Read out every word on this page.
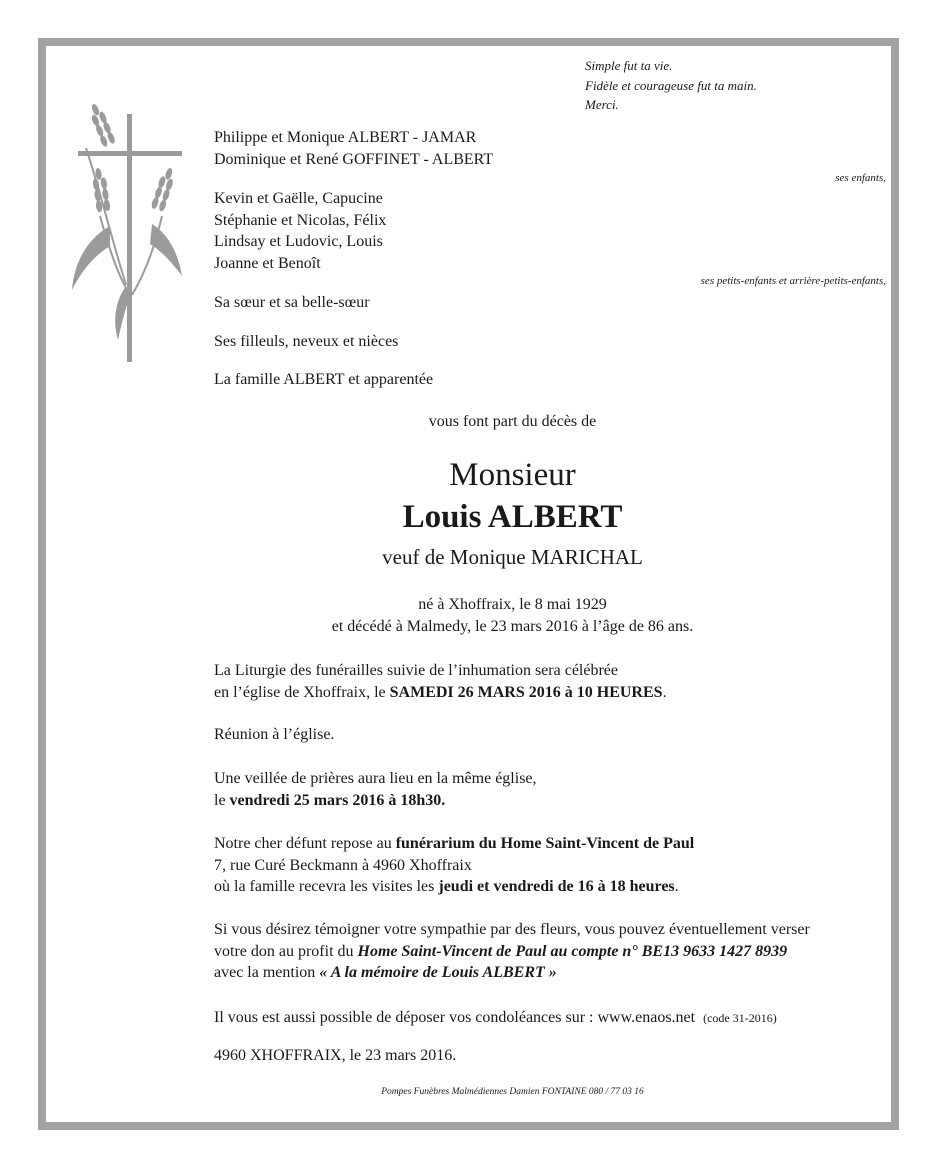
Simple fut ta vie.
Fidèle et courageuse fut ta main.
Merci.
Philippe et Monique ALBERT - JAMAR
Dominique et René GOFFINET - ALBERT
ses enfants,
Kevin et Gaëlle, Capucine
Stéphanie et Nicolas, Félix
Lindsay et Ludovic, Louis
Joanne et Benoît
ses petits-enfants et arrière-petits-enfants,
Sa sœur et sa belle-sœur
Ses filleuls, neveux et nièces
La famille ALBERT et apparentée
vous font part du décès de
Monsieur
Louis ALBERT
veuf de Monique MARICHAL
né à Xhoffraix, le 8 mai 1929
et décédé à Malmedy, le 23 mars 2016 à l’âge de 86 ans.
La Liturgie des funérailles suivie de l’inhumation sera célébrée
en l’église de Xhoffraix, le SAMEDI 26 MARS 2016 à 10 HEURES.
Réunion à l’église.
Une veillée de prières aura lieu en la même église,
le vendredi 25 mars 2016 à 18h30.
Notre cher défunt repose au funérarium du Home Saint-Vincent de Paul
7, rue Curé Beckmann à 4960 Xhoffraix
où la famille recevra les visites les jeudi et vendredi de 16 à 18 heures.
Si vous désirez témoigner votre sympathie par des fleurs, vous pouvez éventuellement verser
votre don au profit du Home Saint-Vincent de Paul au compte n° BE13 9633 1427 8939
avec la mention « A la mémoire de Louis ALBERT »
Il vous est aussi possible de déposer vos condoléances sur : www.enaos.net (code 31-2016)
4960 XHOFFRAIX, le 23 mars 2016.
Pompes Funèbres Malmédiennes Damien FONTAINE 080 / 77 03 16
